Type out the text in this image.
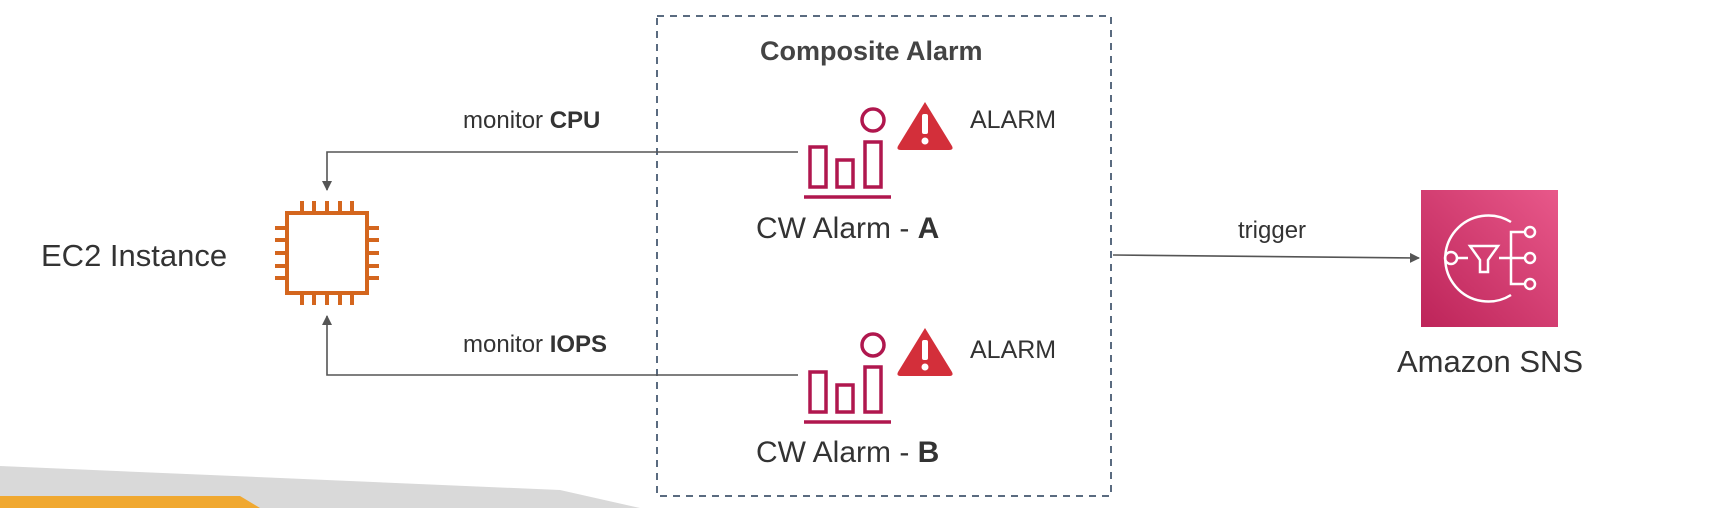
Composite Alarm
EC2 Instance
monitor CPU
monitor IOPS
ALARM
ALARM
CW Alarm - A
CW Alarm - B
trigger
Amazon SNS
